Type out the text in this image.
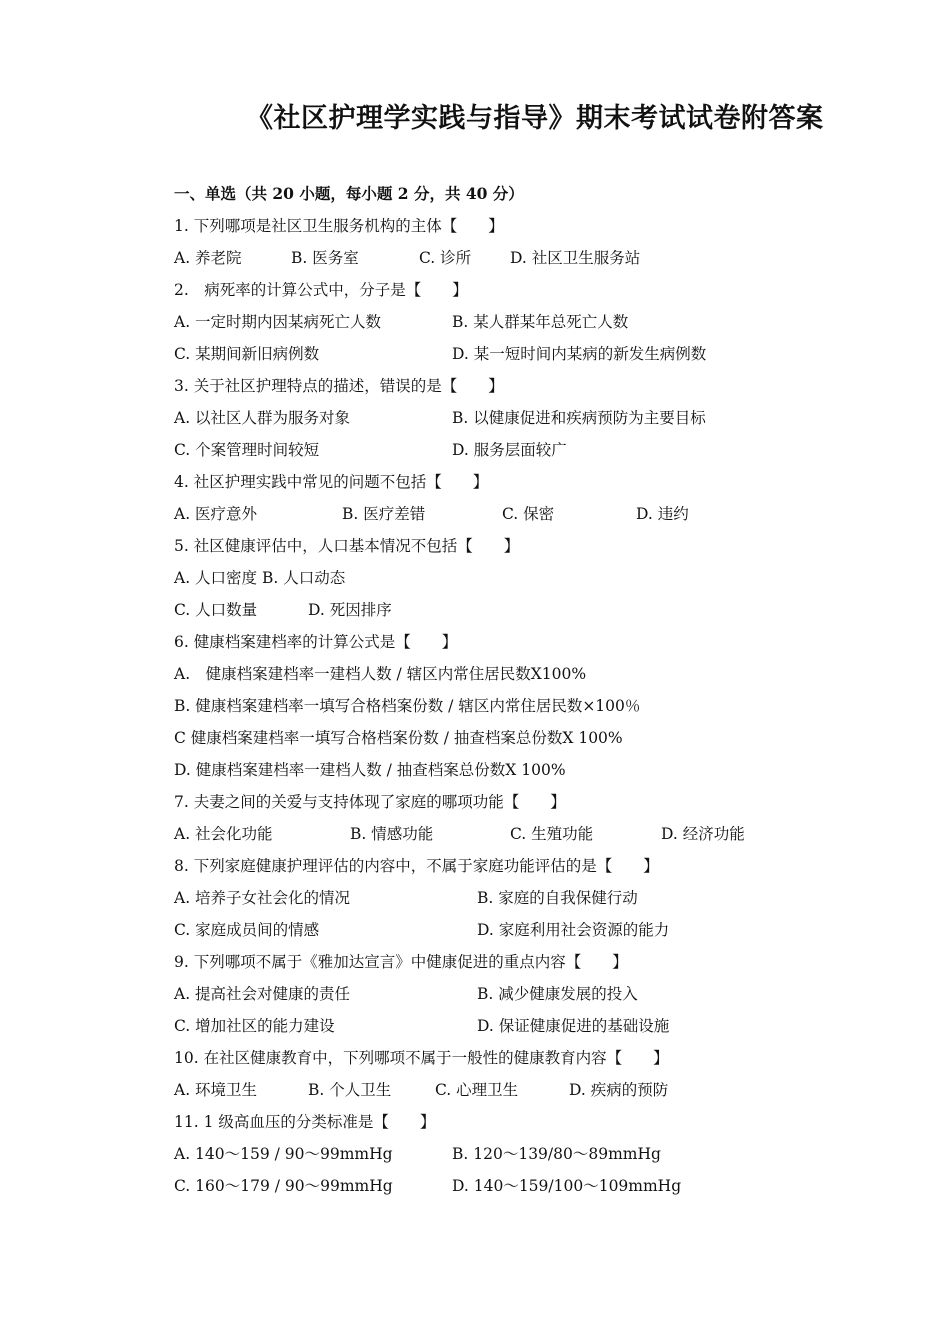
《社区护理学实践与指导》期末考试试卷附答案
一、单选（共 20 小题，每小题 2 分，共 40 分）
1. 下列哪项是社区卫生服务机构的主体【　　】
A. 养老院	B. 医务室	C. 诊所	D. 社区卫生服务站
2.　病死率的计算公式中，分子是【　　】
A. 一定时期内因某病死亡人数	B. 某人群某年总死亡人数
C. 某期间新旧病例数	D. 某一短时间内某病的新发生病例数
3. 关于社区护理特点的描述，错误的是【　　】
A. 以社区人群为服务对象	B. 以健康促进和疾病预防为主要目标
C. 个案管理时间较短	D. 服务层面较广
4. 社区护理实践中常见的问题不包括【　　】
A. 医疗意外	B. 医疗差错	C. 保密	D. 违约
5. 社区健康评估中，人口基本情况不包括【　　】
A. 人口密度 B. 人口动态
C. 人口数量	D. 死因排序
6. 健康档案建档率的计算公式是【　　】
A.　健康档案建档率一建档人数 / 辖区内常住居民数X100%
B. 健康档案建档率一填写合格档案份数 / 辖区内常住居民数×100％
C 健康档案建档率一填写合格档案份数 / 抽查档案总份数X 100%
D. 健康档案建档率一建档人数 / 抽查档案总份数X 100%
7. 夫妻之间的关爱与支持体现了家庭的哪项功能【　　】
A. 社会化功能	B. 情感功能	C. 生殖功能	D. 经济功能
8. 下列家庭健康护理评估的内容中，不属于家庭功能评估的是【　　】
A. 培养子女社会化的情况	B. 家庭的自我保健行动
C. 家庭成员间的情感	D. 家庭利用社会资源的能力
9. 下列哪项不属于《雅加达宣言》中健康促进的重点内容【　　】
A. 提高社会对健康的责任	B. 减少健康发展的投入
C. 增加社区的能力建设	D. 保证健康促进的基础设施
10. 在社区健康教育中，下列哪项不属于一般性的健康教育内容【　　】
A. 环境卫生	B. 个人卫生	C. 心理卫生	D. 疾病的预防
11. 1 级高血压的分类标准是【　　】
A. 140～159 / 90～99mmHg	B. 120～139/80～89mmHg
C. 160～179 / 90～99mmHg	D. 140～159/100～109mmHg
